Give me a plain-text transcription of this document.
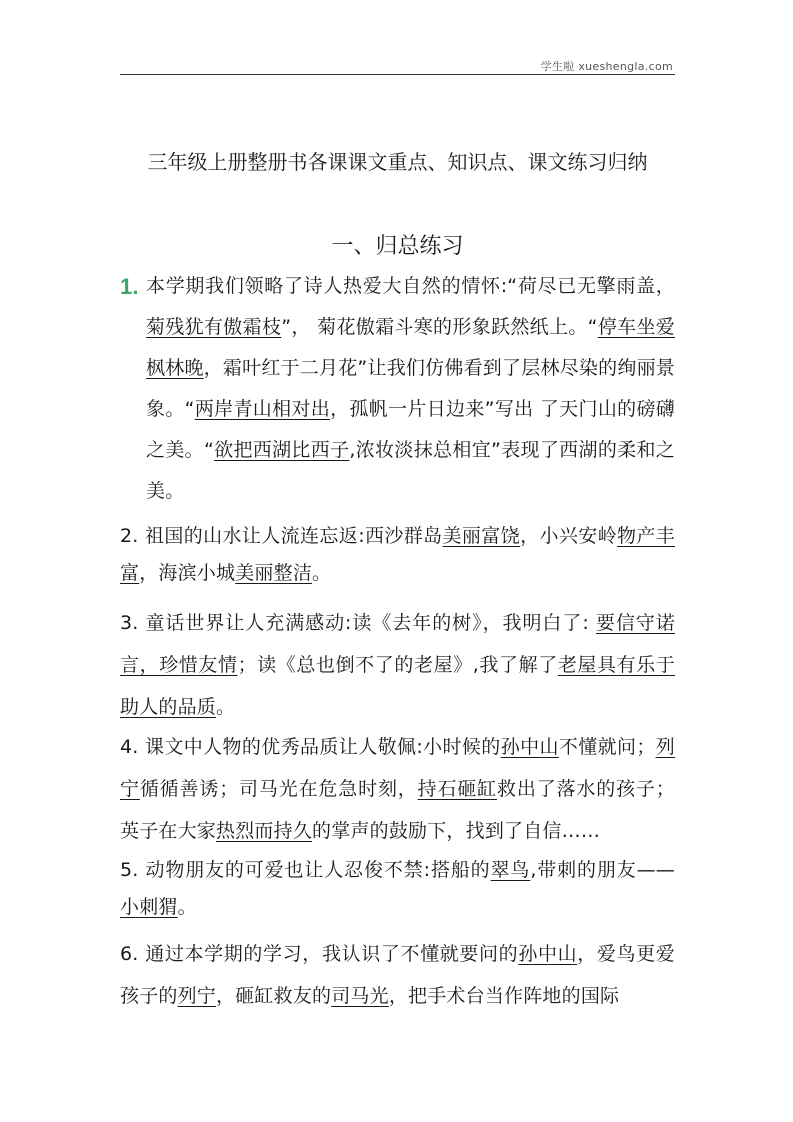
学生啦 xueshengla.com
三年级上册整册书各课课文重点、知识点、课文练习归纳
一、归总练习
1. 本学期我们领略了诗人热爱大自然的情怀:“荷尽已无擎雨盖，菊残犹有傲霜枝”， 菊花傲霜斗寒的形象跃然纸上。“停车坐爱枫林晚，霜叶红于二月花”让我们仿佛看到了层林尽染的绚丽景象。“两岸青山相对出，孤帆一片日边来”写出 了天门山的磅礴之美。“欲把西湖比西子,浓妆淡抹总相宜”表现了西湖的柔和之美。
2. 祖国的山水让人流连忘返:西沙群岛美丽富饶，小兴安岭物产丰富，海滨小城美丽整洁。
3. 童话世界让人充满感动:读《去年的树》，我明白了: 要信守诺言，珍惜友情；读《总也倒不了的老屋》,我了解了老屋具有乐于助人的品质。
4. 课文中人物的优秀品质让人敬佩:小时候的孙中山不懂就问；列宁循循善诱；司马光在危急时刻，持石砸缸救出了落水的孩子；英子在大家热烈而持久的掌声的鼓励下，找到了自信……
5. 动物朋友的可爱也让人忍俊不禁:搭船的翠鸟,带刺的朋友——小刺猬。
6. 通过本学期的学习，我认识了不懂就要问的孙中山，爱鸟更爱孩子的列宁，砸缸救友的司马光，把手术台当作阵地的国际
